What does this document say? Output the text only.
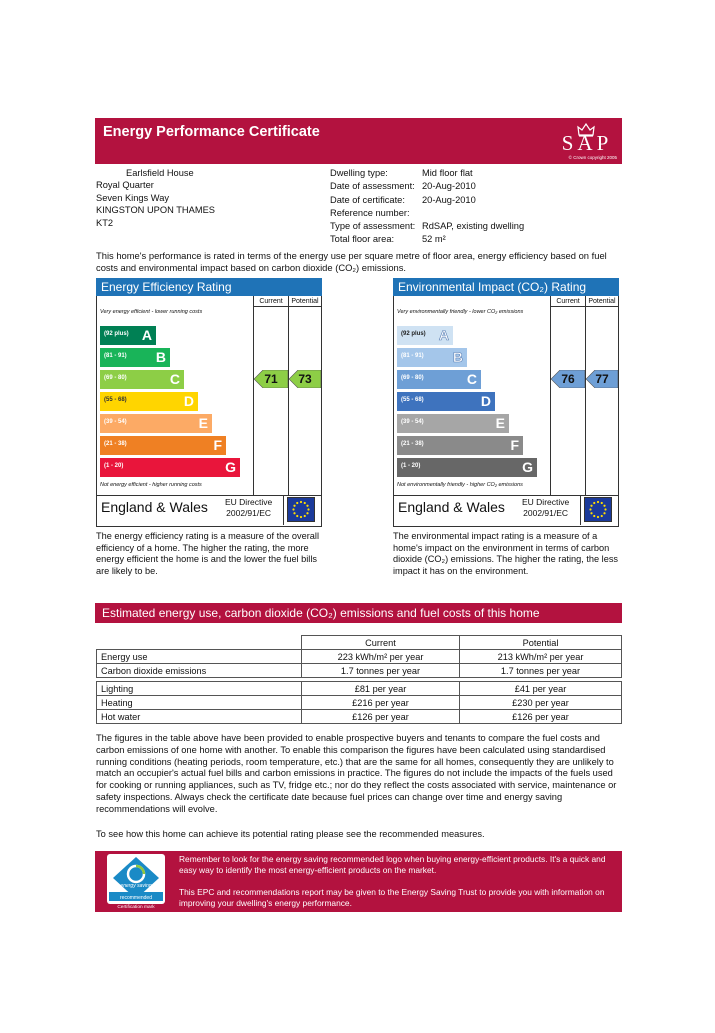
Energy Performance Certificate	SAP
© Crown copyright 2005
Earlsfield House
Royal Quarter
Seven Kings Way
KINGSTON UPON THAMES
KT2
Dwelling type:	Mid floor flat
Date of assessment: 20-Aug-2010
Date of certificate:	20-Aug-2010
Reference number:
Type of assessment: RdSAP, existing dwelling
Total floor area:	52 m²
This home's performance is rated in terms of the energy use per square metre of floor area, energy efficiency based on fuel costs and environmental impact based on carbon dioxide (CO₂) emissions.
Energy Efficiency Rating
Current	Potential
Very energy efficient - lower running costs
(92 plus) A
(81 - 91) B
(69 - 80)	C
(55 - 68)	D
(39 - 54)	E
(21 - 38)	F
(1 - 20)	G
71	73
Not energy efficient - higher running costs
England & Wales EU Directive
2002/91/EC
Environmental Impact (CO₂) Rating
Current	Potential
Very environmentally friendly - lower CO₂ emissions
(92 plus) A
(81 - 91) B
(69 - 80)	C
(55 - 68)	D
(39 - 54)	E
(21 - 38)	F
(1 - 20)	G
76	77
Not environmentally friendly - higher CO₂ emissions
England & Wales EU Directive
2002/91/EC
The energy efficiency rating is a measure of the overall efficiency of a home. The higher the rating, the more energy efficient the home is and the lower the fuel bills are likely to be.
The environmental impact rating is a measure of a home's impact on the environment in terms of carbon dioxide (CO₂) emissions. The higher the rating, the less impact it has on the environment.
Estimated energy use, carbon dioxide (CO₂) emissions and fuel costs of this home
	Current	Potential
Energy use	223 kWh/m² per year	213 kWh/m² per year
Carbon dioxide emissions	1.7 tonnes per year	1.7 tonnes per year

Lighting	£81 per year	£41 per year
Heating	£216 per year	£230 per year
Hot water	£126 per year	£126 per year
The figures in the table above have been provided to enable prospective buyers and tenants to compare the fuel costs and carbon emissions of one home with another. To enable this comparison the figures have been calculated using standardised running conditions (heating periods, room temperature, etc.) that are the same for all homes, consequently they are unlikely to match an occupier's actual fuel bills and carbon emissions in practice. The figures do not include the impacts of the fuels used for cooking or running appliances, such as TV, fridge etc.; nor do they reflect the costs associated with service, maintenance or safety inspections. Always check the certificate date because fuel prices can change over time and energy saving recommendations will evolve.
To see how this home can achieve its potential rating please see the recommended measures.
energy saving
recommended
Certification mark
Remember to look for the energy saving recommended logo when buying energy-efficient products. It's a quick and easy way to identify the most energy-efficient products on the market.
This EPC and recommendations report may be given to the Energy Saving Trust to provide you with information on improving your dwelling's energy performance.
